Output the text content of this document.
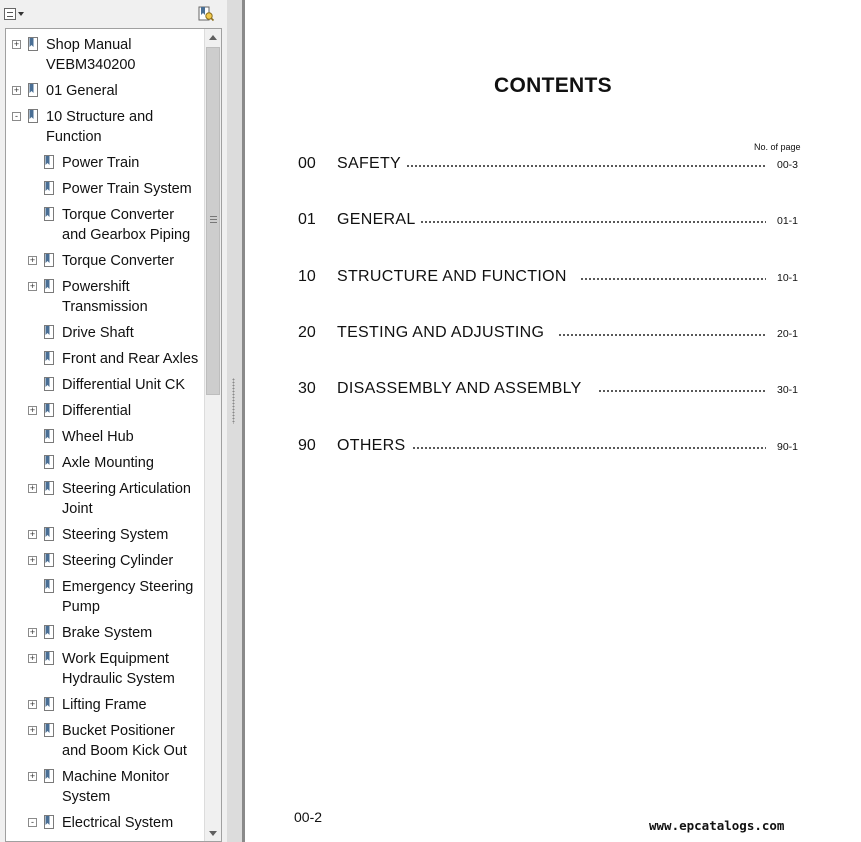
+ Shop Manual
VEBM340200
+ 01 General
- 10 Structure and
Function
Power Train
Power Train System
Torque Converter
and Gearbox Piping
+ Torque Converter
+ Powershift
Transmission
Drive Shaft
Front and Rear Axles
Differential Unit CK
+ Differential
Wheel Hub
Axle Mounting
+ Steering Articulation
Joint
+ Steering System
+ Steering Cylinder
Emergency Steering
Pump
+ Brake System
+ Work Equipment
Hydraulic System
+ Lifting Frame
+ Bucket Positioner
and Boom Kick Out
+ Machine Monitor
System
- Electrical System
CONTENTS
No. of page
00 SAFETY	00-3
01 GENERAL	01-1
10 STRUCTURE AND FUNCTION	10-1
20 TESTING AND ADJUSTING	20-1
30 DISASSEMBLY AND ASSEMBLY	30-1
90 OTHERS	90-1
00-2
www.epcatalogs.com
